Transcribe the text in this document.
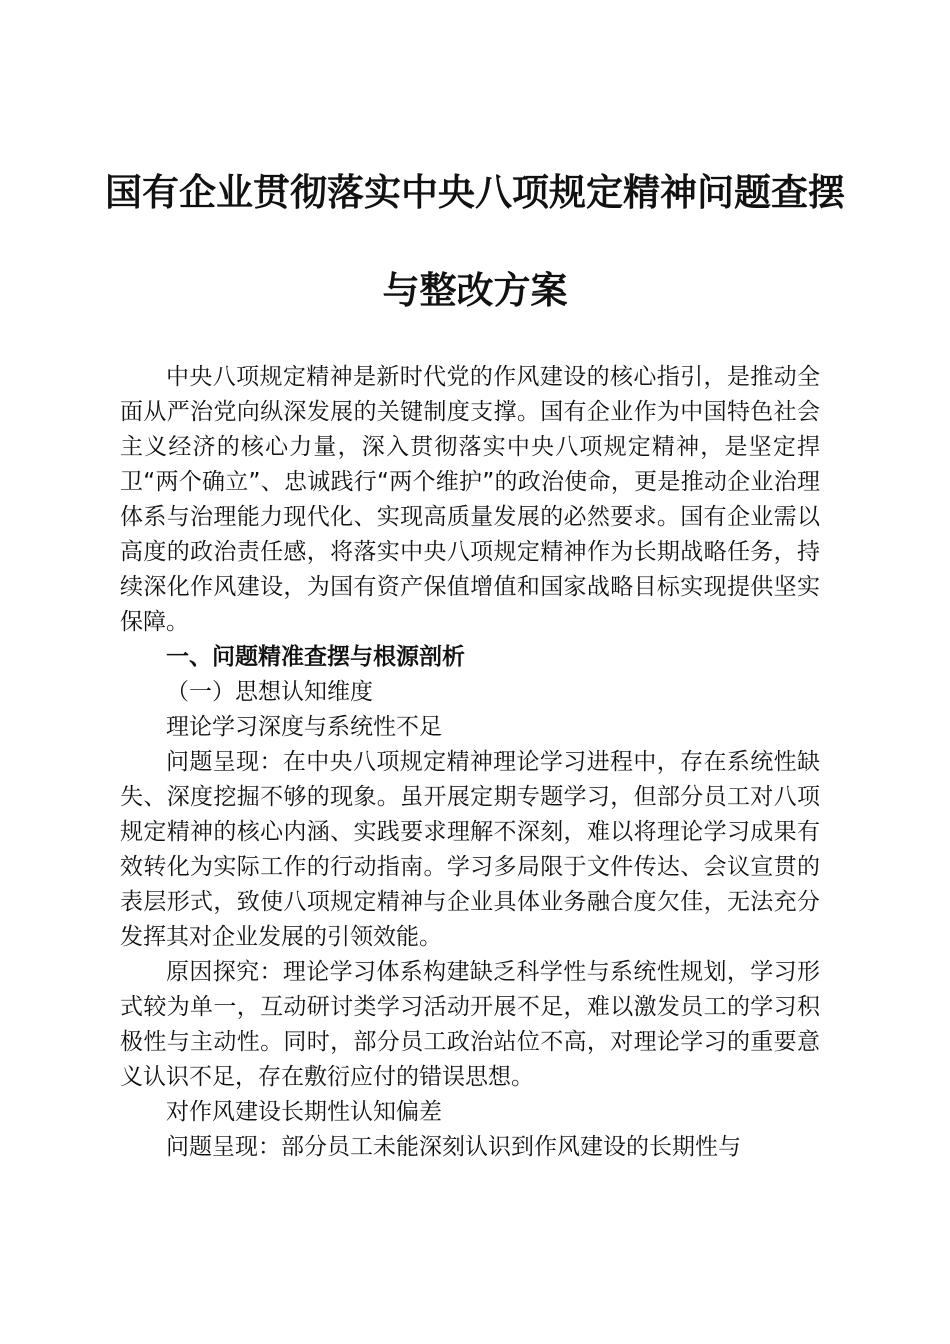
国有企业贯彻落实中央八项规定精神问题查摆
与整改方案

中央八项规定精神是新时代党的作风建设的核心指引，是推动全面从严治党向纵深发展的关键制度支撑。国有企业作为中国特色社会主义经济的核心力量，深入贯彻落实中央八项规定精神，是坚定捍卫“两个确立”、忠诚践行“两个维护”的政治使命，更是推动企业治理体系与治理能力现代化、实现高质量发展的必然要求。国有企业需以高度的政治责任感，将落实中央八项规定精神作为长期战略任务，持续深化作风建设，为国有资产保值增值和国家战略目标实现提供坚实保障。

一、问题精准查摆与根源剖析

（一）思想认知维度

理论学习深度与系统性不足

问题呈现：在中央八项规定精神理论学习进程中，存在系统性缺失、深度挖掘不够的现象。虽开展定期专题学习，但部分员工对八项规定精神的核心内涵、实践要求理解不深刻，难以将理论学习成果有效转化为实际工作的行动指南。学习多局限于文件传达、会议宣贯的表层形式，致使八项规定精神与企业具体业务融合度欠佳，无法充分发挥其对企业发展的引领效能。

原因探究：理论学习体系构建缺乏科学性与系统性规划，学习形式较为单一，互动研讨类学习活动开展不足，难以激发员工的学习积极性与主动性。同时，部分员工政治站位不高，对理论学习的重要意义认识不足，存在敷衍应付的错误思想。

对作风建设长期性认知偏差

问题呈现：部分员工未能深刻认识到作风建设的长期性与
